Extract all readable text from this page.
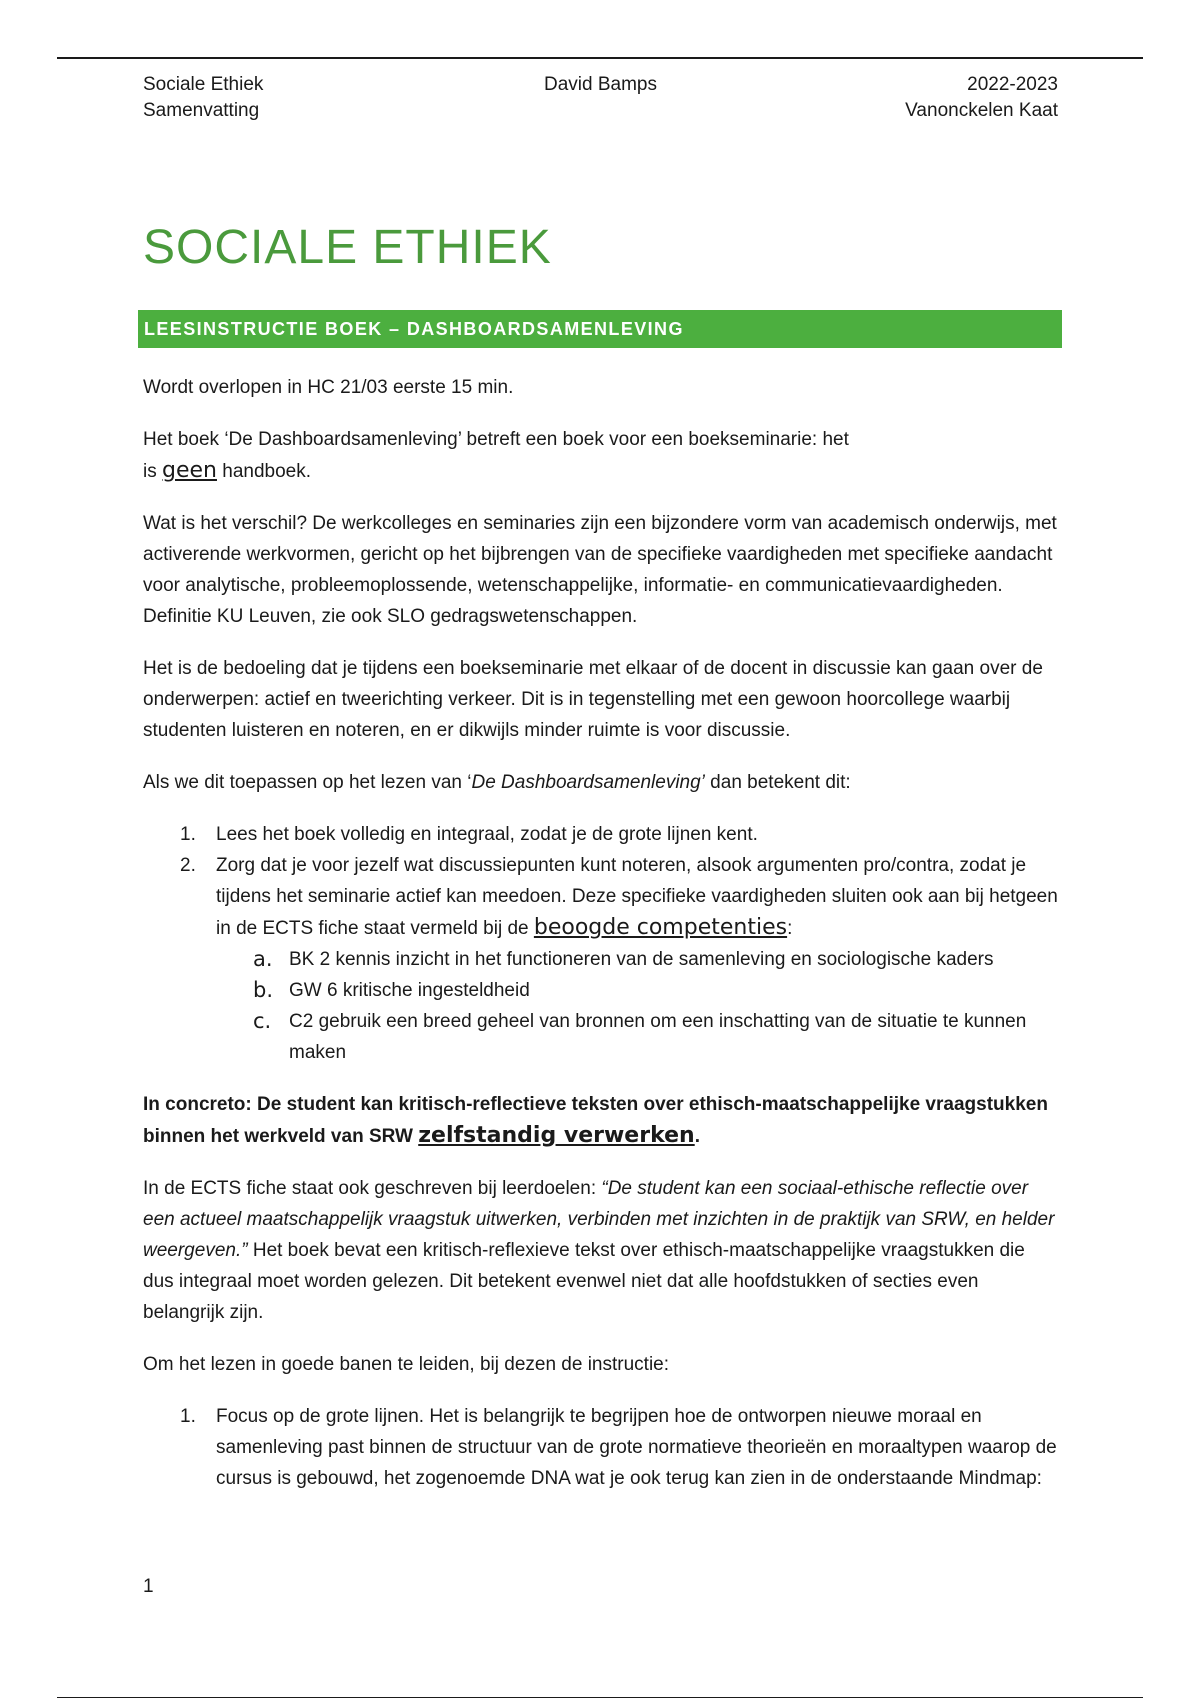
Sociale Ethiek
Samenvatting
David Bamps	2022-2023
Vanonckelen Kaat
SOCIALE ETHIEK
LEESINSTRUCTIE BOEK – DASHBOARDSAMENLEVING

Wordt overlopen in HC 21/03 eerste 15 min.

Het boek ‘De Dashboardsamenleving’ betreft een boek voor een boekseminarie: het
is geen handboek.

Wat is het verschil? De werkcolleges en seminaries zijn een bijzondere vorm van academisch onderwijs, met activerende werkvormen, gericht op het bijbrengen van de specifieke vaardigheden met specifieke aandacht voor analytische, probleemoplossende, wetenschappelijke, informatie- en communicatievaardigheden. Definitie KU Leuven, zie ook SLO gedragswetenschappen.

Het is de bedoeling dat je tijdens een boekseminarie met elkaar of de docent in discussie kan gaan over de onderwerpen: actief en tweerichting verkeer. Dit is in tegenstelling met een gewoon hoorcollege waarbij studenten luisteren en noteren, en er dikwijls minder ruimte is voor discussie.

Als we dit toepassen op het lezen van ‘De Dashboardsamenleving’ dan betekent dit:

1. Lees het boek volledig en integraal, zodat je de grote lijnen kent.
2. Zorg dat je voor jezelf wat discussiepunten kunt noteren, alsook argumenten pro/contra, zodat je tijdens het seminarie actief kan meedoen. Deze specifieke vaardigheden sluiten ook aan bij hetgeen in de ECTS fiche staat vermeld bij de beoogde competenties:
a. BK 2 kennis inzicht in het functioneren van de samenleving en sociologische kaders
b. GW 6 kritische ingesteldheid
c. C2 gebruik een breed geheel van bronnen om een inschatting van de situatie te kunnen maken

In concreto: De student kan kritisch-reflectieve teksten over ethisch-maatschappelijke vraagstukken binnen het werkveld van SRW zelfstandig verwerken.

In de ECTS fiche staat ook geschreven bij leerdoelen: “De student kan een sociaal-ethische reflectie over een actueel maatschappelijk vraagstuk uitwerken, verbinden met inzichten in de praktijk van SRW, en helder weergeven.” Het boek bevat een kritisch-reflexieve tekst over ethisch-maatschappelijke vraagstukken die dus integraal moet worden gelezen. Dit betekent evenwel niet dat alle hoofdstukken of secties even belangrijk zijn.

Om het lezen in goede banen te leiden, bij dezen de instructie:

1. Focus op de grote lijnen. Het is belangrijk te begrijpen hoe de ontworpen nieuwe moraal en samenleving past binnen de structuur van de grote normatieve theorieën en moraaltypen waarop de cursus is gebouwd, het zogenoemde DNA wat je ook terug kan zien in de onderstaande Mindmap:
1
